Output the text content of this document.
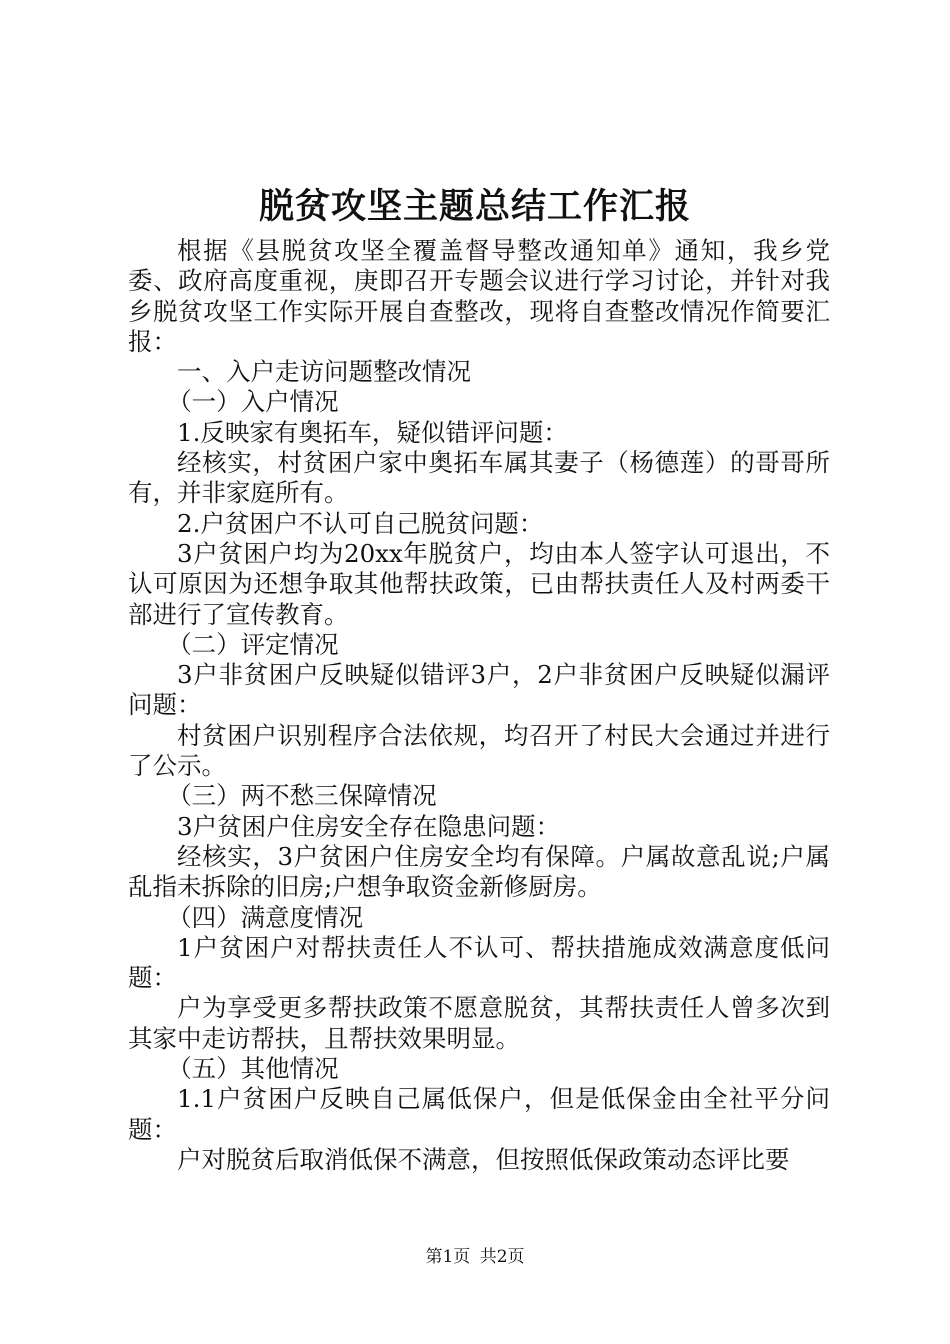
脱贫攻坚主题总结工作汇报

根据《县脱贫攻坚全覆盖督导整改通知单》通知，我乡党委、政府高度重视，庚即召开专题会议进行学习讨论，并针对我乡脱贫攻坚工作实际开展自查整改，现将自查整改情况作简要汇报：

一、入户走访问题整改情况

（一）入户情况

1.反映家有奥拓车，疑似错评问题：

经核实，村贫困户家中奥拓车属其妻子（杨德莲）的哥哥所有，并非家庭所有。

2.户贫困户不认可自己脱贫问题：

3户贫困户均为20xx年脱贫户，均由本人签字认可退出，不认可原因为还想争取其他帮扶政策，已由帮扶责任人及村两委干部进行了宣传教育。

（二）评定情况

3户非贫困户反映疑似错评3户，2户非贫困户反映疑似漏评问题：

村贫困户识别程序合法依规，均召开了村民大会通过并进行了公示。

（三）两不愁三保障情况

3户贫困户住房安全存在隐患问题：

经核实，3户贫困户住房安全均有保障。户属故意乱说;户属乱指未拆除的旧房;户想争取资金新修厨房。

（四）满意度情况

1户贫困户对帮扶责任人不认可、帮扶措施成效满意度低问题：

户为享受更多帮扶政策不愿意脱贫，其帮扶责任人曾多次到其家中走访帮扶，且帮扶效果明显。

（五）其他情况

1.1户贫困户反映自己属低保户，但是低保金由全社平分问题：

户对脱贫后取消低保不满意，但按照低保政策动态评比要

第1页 共2页
